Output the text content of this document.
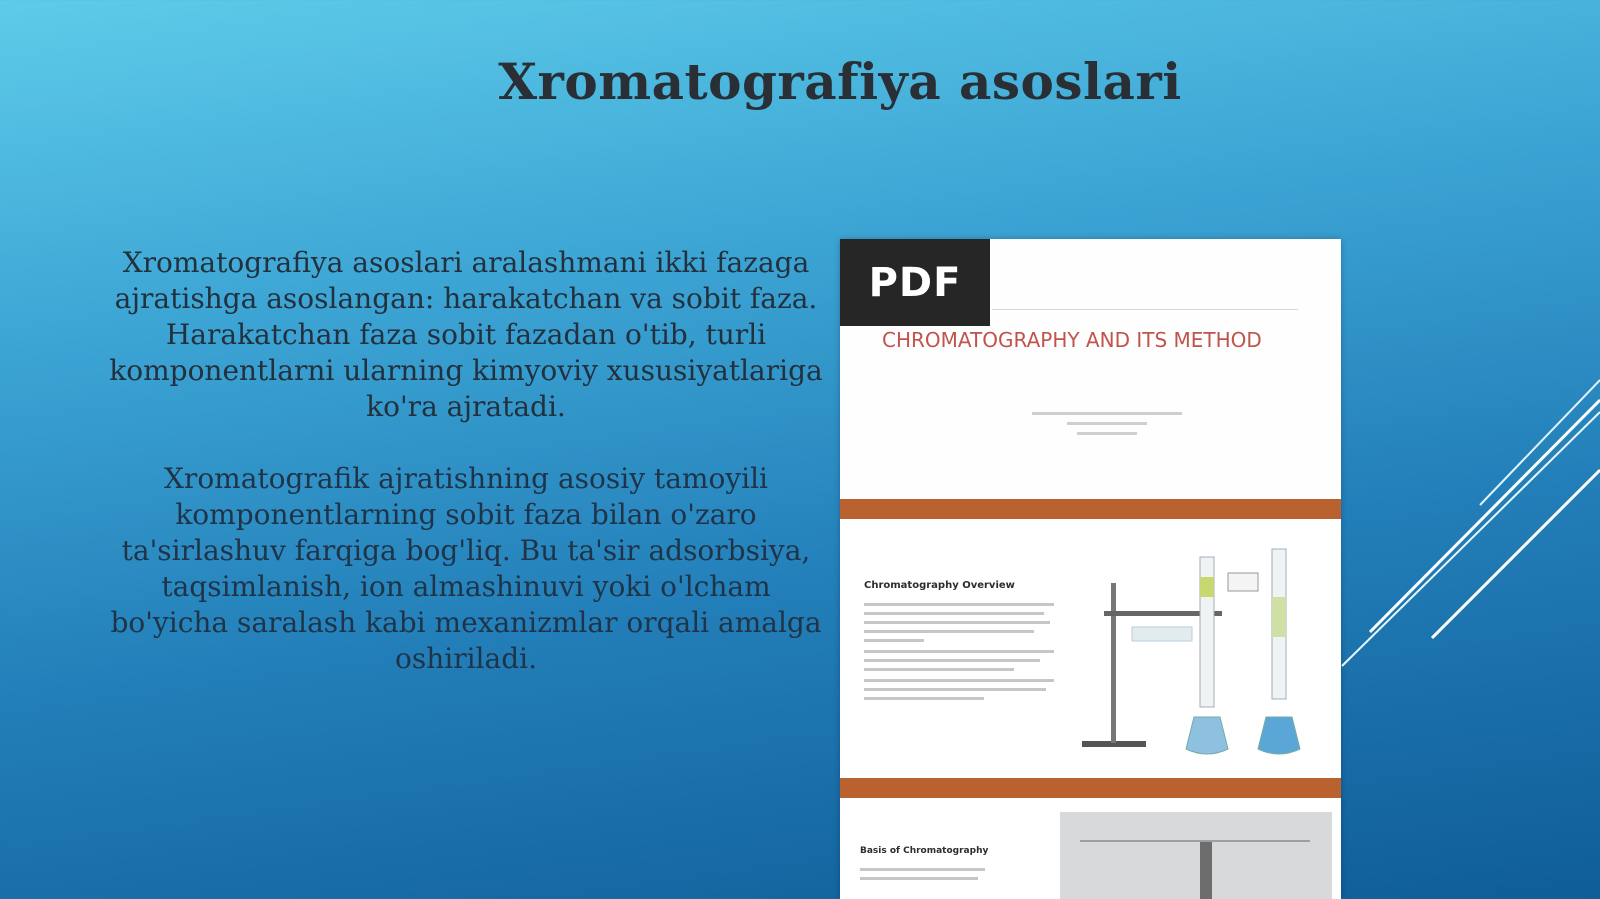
Xromatografiya asoslari

Xromatografiya asoslari aralashmani ikki fazaga ajratishga asoslangan: harakatchan va sobit faza. Harakatchan faza sobit fazadan o'tib, turli komponentlarni ularning kimyoviy xususiyatlariga ko'ra ajratadi.

Xromatografik ajratishning asosiy tamoyili komponentlarning sobit faza bilan o'zaro ta'sirlashuv farqiga bog'liq. Bu ta'sir adsorbsiya, taqsimlanish, ion almashinuvi yoki o'lcham bo'yicha saralash kabi mexanizmlar orqali amalga oshiriladi.

CHROMATOGRAPHY AND ITS METHOD
PDF
Chromatography Overview
Basis of Chromatography
